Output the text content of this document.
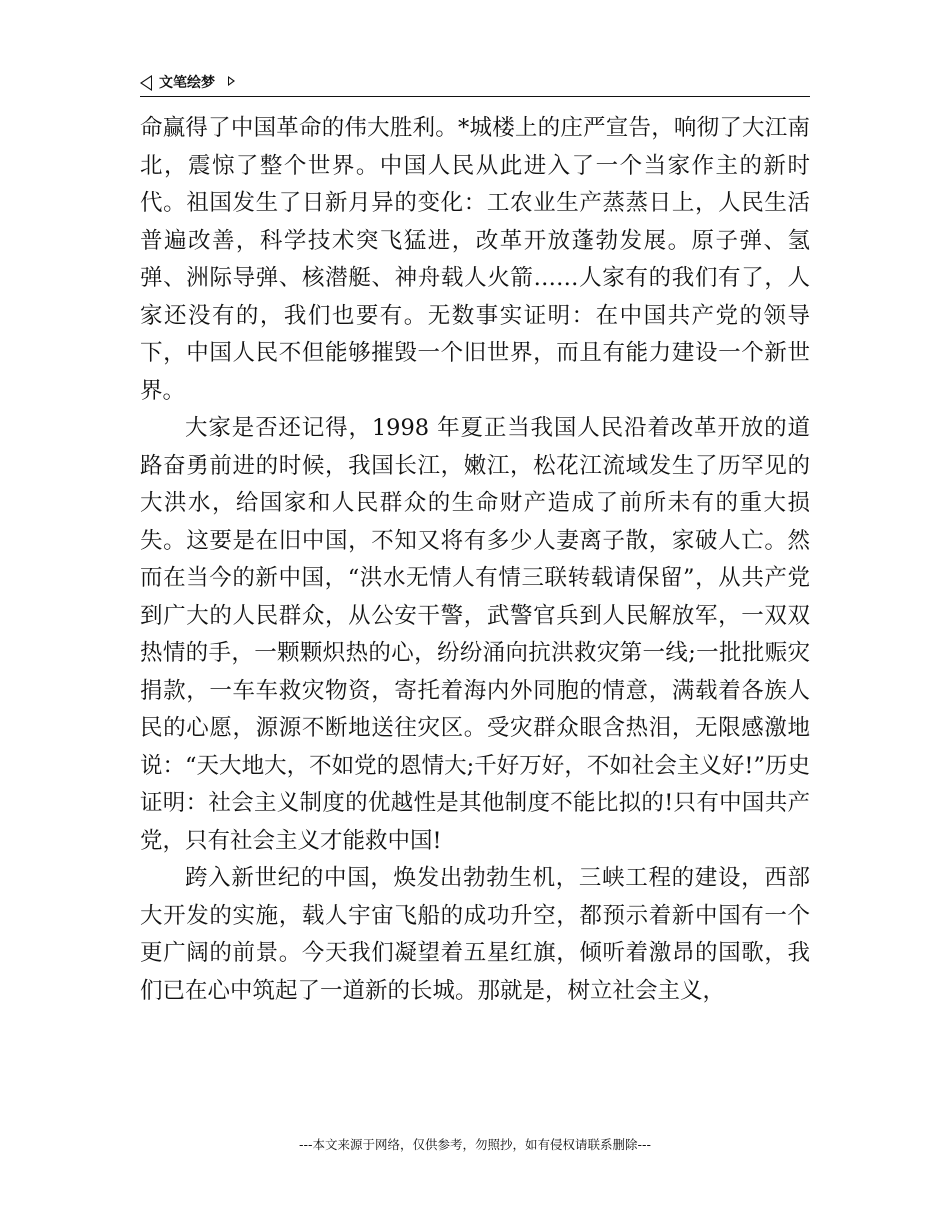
文笔绘梦

命赢得了中国革命的伟大胜利。*城楼上的庄严宣告，响彻了大江南北，震惊了整个世界。中国人民从此进入了一个当家作主的新时代。祖国发生了日新月异的变化：工农业生产蒸蒸日上，人民生活普遍改善，科学技术突飞猛进，改革开放蓬勃发展。原子弹、氢弹、洲际导弹、核潜艇、神舟载人火箭……人家有的我们有了，人家还没有的，我们也要有。无数事实证明：在中国共产党的领导下，中国人民不但能够摧毁一个旧世界，而且有能力建设一个新世界。

大家是否还记得，1998 年夏正当我国人民沿着改革开放的道路奋勇前进的时候，我国长江，嫩江，松花江流域发生了历罕见的大洪水，给国家和人民群众的生命财产造成了前所未有的重大损失。这要是在旧中国，不知又将有多少人妻离子散，家破人亡。然而在当今的新中国，“洪水无情人有情三联转载请保留”，从共产党到广大的人民群众，从公安干警，武警官兵到人民解放军，一双双热情的手，一颗颗炽热的心，纷纷涌向抗洪救灾第一线;一批批赈灾捐款，一车车救灾物资，寄托着海内外同胞的情意，满载着各族人民的心愿，源源不断地送往灾区。受灾群众眼含热泪，无限感激地说：“天大地大，不如党的恩情大;千好万好，不如社会主义好!”历史证明：社会主义制度的优越性是其他制度不能比拟的!只有中国共产党，只有社会主义才能救中国!

跨入新世纪的中国，焕发出勃勃生机，三峡工程的建设，西部大开发的实施，载人宇宙飞船的成功升空，都预示着新中国有一个更广阔的前景。今天我们凝望着五星红旗，倾听着激昂的国歌，我们已在心中筑起了一道新的长城。那就是，树立社会主义，

---本文来源于网络，仅供参考，勿照抄，如有侵权请联系删除---
